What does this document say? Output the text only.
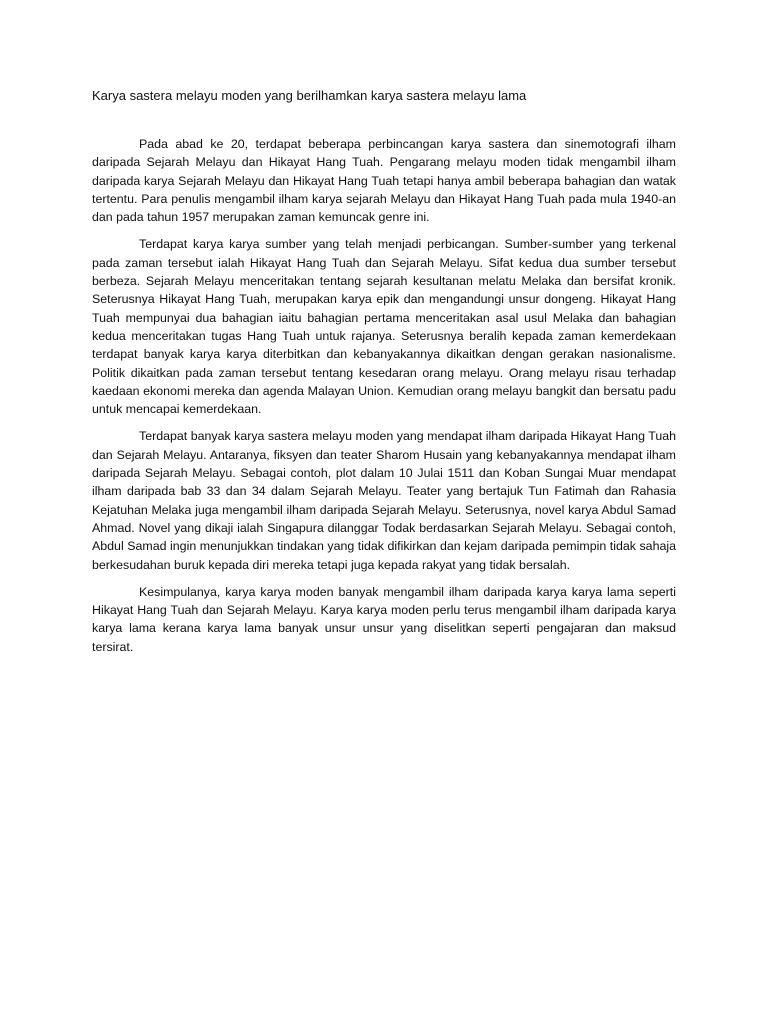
Karya sastera melayu moden yang berilhamkan karya sastera melayu lama

Pada abad ke 20, terdapat beberapa perbincangan karya sastera dan sinemotografi ilham daripada Sejarah Melayu dan Hikayat Hang Tuah. Pengarang melayu moden tidak mengambil ilham daripada karya Sejarah Melayu dan Hikayat Hang Tuah tetapi hanya ambil beberapa bahagian dan watak tertentu. Para penulis mengambil ilham karya sejarah Melayu dan Hikayat Hang Tuah pada mula 1940-an dan pada tahun 1957 merupakan zaman kemuncak genre ini.

Terdapat karya karya sumber yang telah menjadi perbicangan. Sumber-sumber yang terkenal pada zaman tersebut ialah Hikayat Hang Tuah dan Sejarah Melayu. Sifat kedua dua sumber tersebut berbeza. Sejarah Melayu menceritakan tentang sejarah kesultanan melatu Melaka dan bersifat kronik. Seterusnya Hikayat Hang Tuah, merupakan karya epik dan mengandungi unsur dongeng. Hikayat Hang Tuah mempunyai dua bahagian iaitu bahagian pertama menceritakan asal usul Melaka dan bahagian kedua menceritakan tugas Hang Tuah untuk rajanya. Seterusnya beralih kepada zaman kemerdekaan terdapat banyak karya karya diterbitkan dan kebanyakannya dikaitkan dengan gerakan nasionalisme. Politik dikaitkan pada zaman tersebut tentang kesedaran orang melayu. Orang melayu risau terhadap kaedaan ekonomi mereka dan agenda Malayan Union. Kemudian orang melayu bangkit dan bersatu padu untuk mencapai kemerdekaan.

Terdapat banyak karya sastera melayu moden yang mendapat ilham daripada Hikayat Hang Tuah dan Sejarah Melayu. Antaranya, fiksyen dan teater Sharom Husain yang kebanyakannya mendapat ilham daripada Sejarah Melayu. Sebagai contoh, plot dalam 10 Julai 1511 dan Koban Sungai Muar mendapat ilham daripada bab 33 dan 34 dalam Sejarah Melayu. Teater yang bertajuk Tun Fatimah dan Rahasia Kejatuhan Melaka juga mengambil ilham daripada Sejarah Melayu. Seterusnya, novel karya Abdul Samad Ahmad. Novel yang dikaji ialah Singapura dilanggar Todak berdasarkan Sejarah Melayu. Sebagai contoh, Abdul Samad ingin menunjukkan tindakan yang tidak difikirkan dan kejam daripada pemimpin tidak sahaja berkesudahan buruk kepada diri mereka tetapi juga kepada rakyat yang tidak bersalah.

Kesimpulanya, karya karya moden banyak mengambil ilham daripada karya karya lama seperti Hikayat Hang Tuah dan Sejarah Melayu. Karya karya moden perlu terus mengambil ilham daripada karya karya lama kerana karya lama banyak unsur unsur yang diselitkan seperti pengajaran dan maksud tersirat.
